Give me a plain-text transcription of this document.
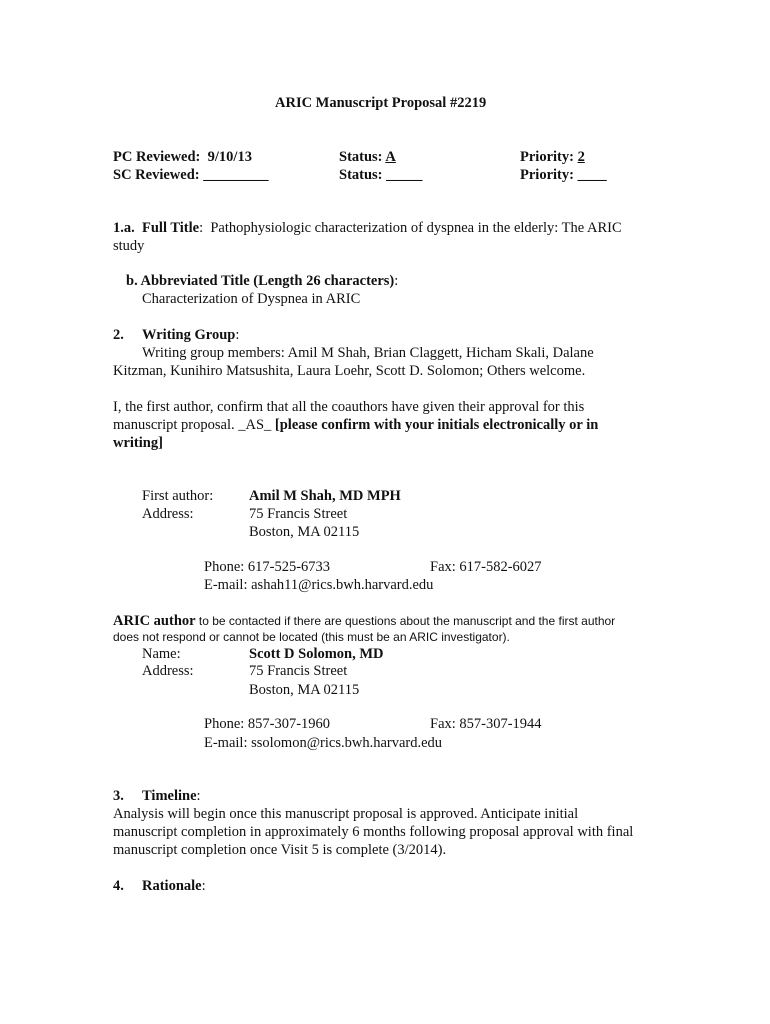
ARIC Manuscript Proposal #2219
PC Reviewed: 9/10/13
SC Reviewed: _________
Status: A
Status: _____
Priority: 2
Priority: ____
1.a. Full Title:  Pathophysiologic characterization of dyspnea in the elderly: The ARIC
study
b. Abbreviated Title (Length 26 characters):
Characterization of Dyspnea in ARIC
2. Writing Group:
Writing group members: Amil M Shah, Brian Claggett, Hicham Skali, Dalane
Kitzman, Kunihiro Matsushita, Laura Loehr, Scott D. Solomon; Others welcome.
I, the first author, confirm that all the coauthors have given their approval for this
manuscript proposal. _AS_ [please confirm with your initials electronically or in
writing]
First author:
Address:
Amil M Shah, MD MPH
75 Francis Street
Boston, MA 02115
Phone: 617-525-6733	Fax: 617-582-6027
E-mail: ashah11@rics.bwh.harvard.edu
ARIC author to be contacted if there are questions about the manuscript and the first author
does not respond or cannot be located (this must be an ARIC investigator).
Name:
Address:
Scott D Solomon, MD
75 Francis Street
Boston, MA 02115
Phone: 857-307-1960	Fax: 857-307-1944
E-mail: ssolomon@rics.bwh.harvard.edu
3. Timeline:
Analysis will begin once this manuscript proposal is approved. Anticipate initial
manuscript completion in approximately 6 months following proposal approval with final
manuscript completion once Visit 5 is complete (3/2014).
4. Rationale:
